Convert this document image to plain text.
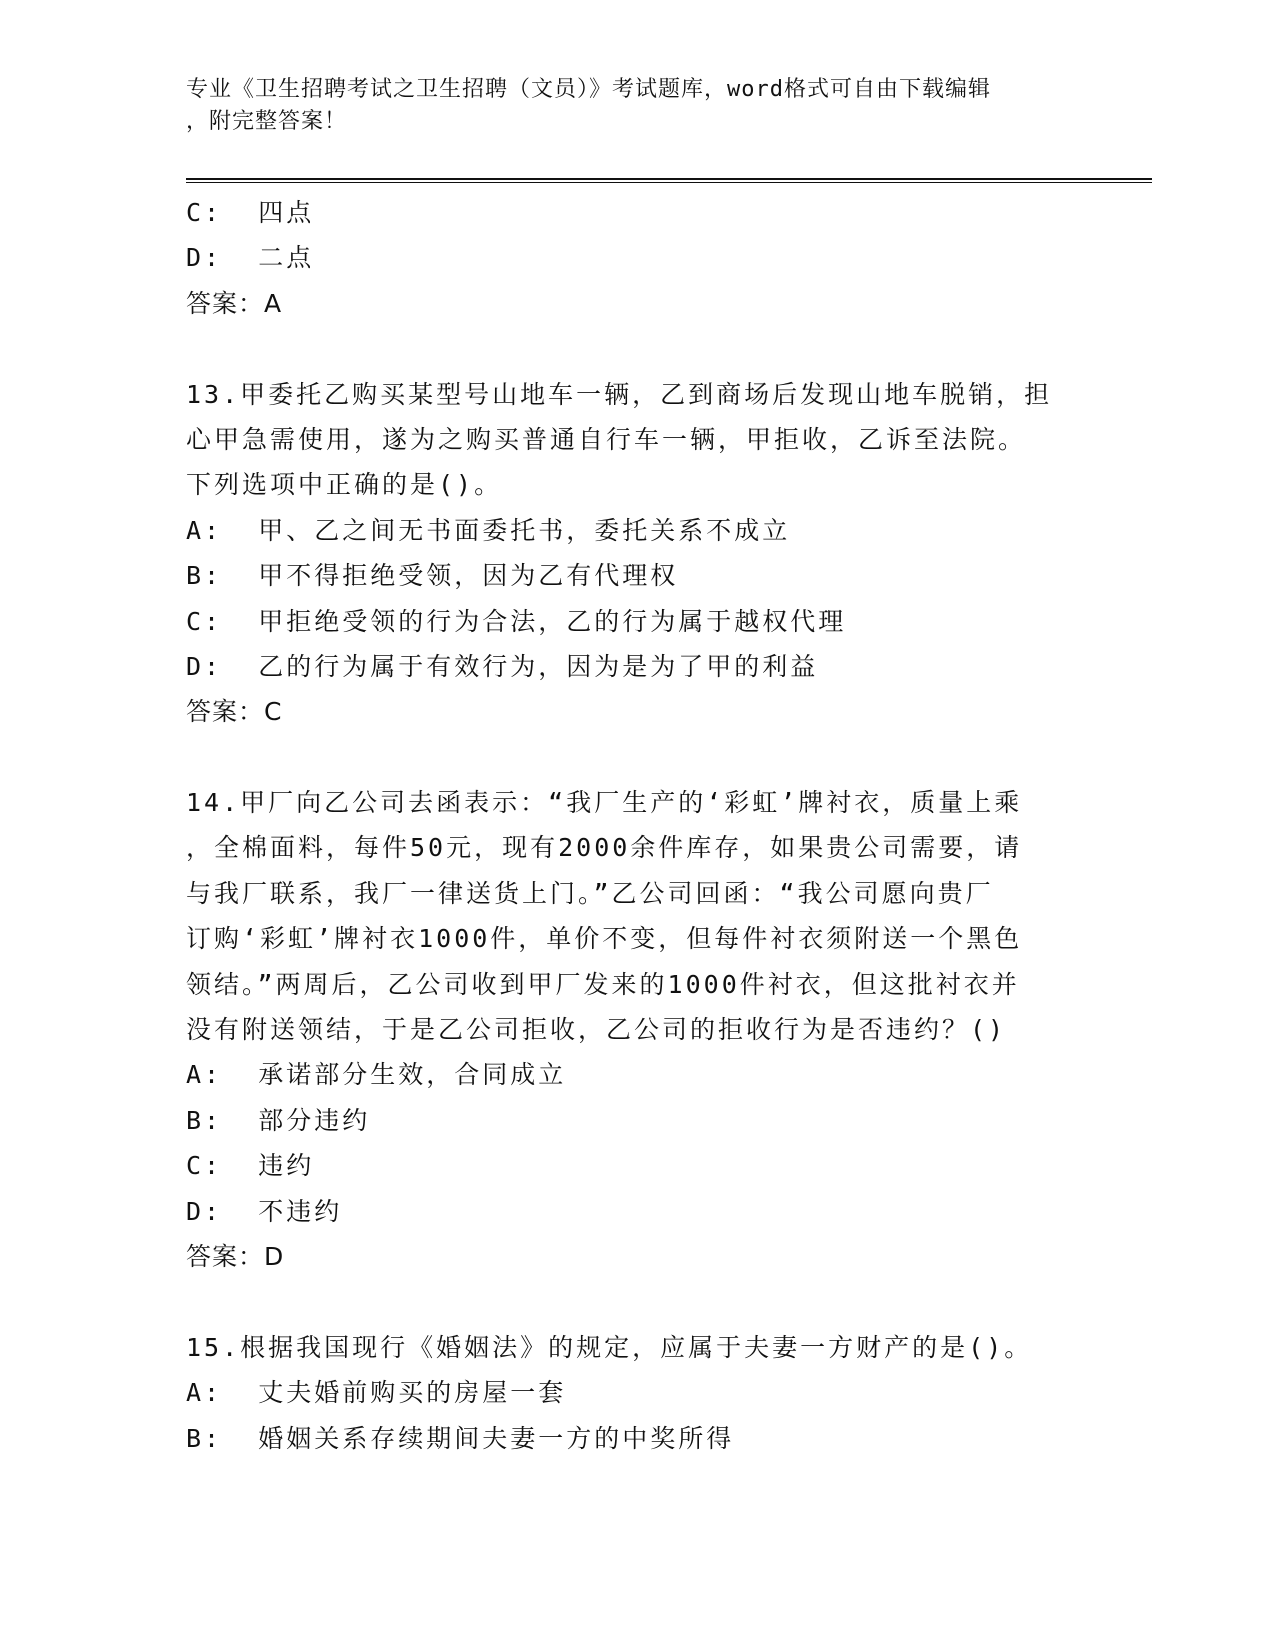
专业《卫生招聘考试之卫生招聘（文员）》考试题库，word格式可自由下载编辑
，附完整答案！
C:  四点
D:  二点
答案：A
13.甲委托乙购买某型号山地车一辆，乙到商场后发现山地车脱销，担
心甲急需使用，遂为之购买普通自行车一辆，甲拒收，乙诉至法院。
下列选项中正确的是()。
A:  甲、乙之间无书面委托书，委托关系不成立
B:  甲不得拒绝受领，因为乙有代理权
C:  甲拒绝受领的行为合法，乙的行为属于越权代理
D:  乙的行为属于有效行为，因为是为了甲的利益
答案：C
14.甲厂向乙公司去函表示：“我厂生产的‘彩虹’牌衬衣，质量上乘
，全棉面料，每件50元，现有2000余件库存，如果贵公司需要，请
与我厂联系，我厂一律送货上门。”乙公司回函：“我公司愿向贵厂
订购‘彩虹’牌衬衣1000件，单价不变，但每件衬衣须附送一个黑色
领结。”两周后，乙公司收到甲厂发来的1000件衬衣，但这批衬衣并
没有附送领结，于是乙公司拒收，乙公司的拒收行为是否违约？()
A:  承诺部分生效，合同成立
B:  部分违约
C:  违约
D:  不违约
答案：D
15.根据我国现行《婚姻法》的规定，应属于夫妻一方财产的是()。
A:  丈夫婚前购买的房屋一套
B:  婚姻关系存续期间夫妻一方的中奖所得
